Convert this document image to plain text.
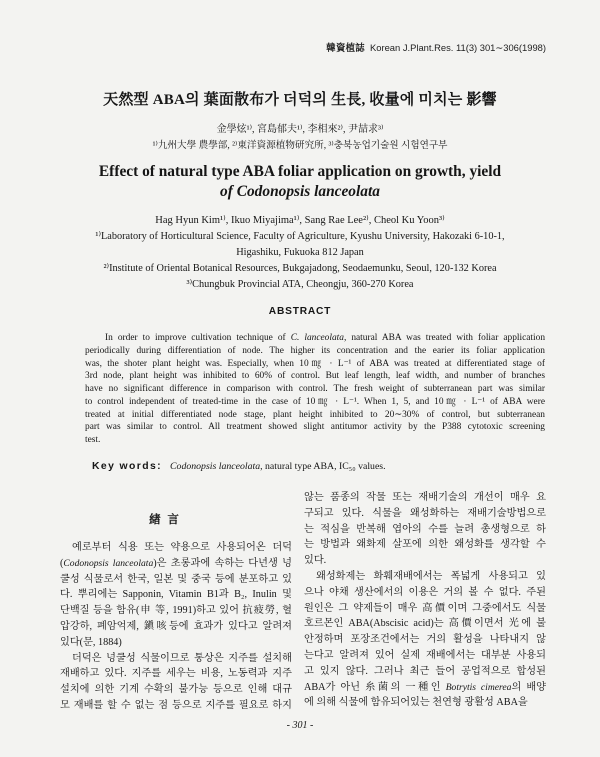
韓資植誌 Korean J.Plant.Res. 11(3) 301∼306(1998)
天然型 ABA의 葉面散布가 더덕의 生長, 收量에 미치는 影響
金學炫¹⁾, 宮島郁夫¹⁾, 李相來²⁾, 尹喆求³⁾
¹⁾九州大學 農學部, ²⁾東洋資源植物研究所, ³⁾충북농업기술원 시험연구부
Effect of natural type ABA foliar application on growth, yield
of Codonopsis lanceolata
Hag Hyun Kim¹⁾, Ikuo Miyajima¹⁾, Sang Rae Lee²⁾, Cheol Ku Yoon³⁾
¹⁾Laboratory of Horticultural Science, Faculty of Agriculture, Kyushu University, Hakozaki 6-10-1,
Higashiku, Fukuoka 812 Japan
²⁾Institute of Oriental Botanical Resources, Bukgajadong, Seodaemunku, Seoul, 120-132 Korea
³⁾Chungbuk Provincial ATA, Cheongju, 360-270 Korea
ABSTRACT
In order to improve cultivation technique of C. lanceolata, natural ABA was treated with foliar application
periodically during differentiation of node. The higher its concentration and the earier its foliar application
was, the shoter plant height was. Especially, when 10㎎ · L⁻¹ of ABA was treated at differentiated stage of
3rd node, plant height was inhibited to 60% of control. But leaf length, leaf width, and number of branches
have no significant difference in comparison with control. The fresh weight of subterranean part was similar
to control independent of treated-time in the case of 10㎎ · L⁻¹. When 1, 5, and 10㎎ · L⁻¹ of ABA were
treated at initial differentiated node stage, plant height inhibited to 20∼30% of control, but subterranean
part was similar to control. All treatment showed slight antitumor activity by the P388 cytotoxic screening
test.
$^{Key words:}$ Codonopsis lanceolata, natural type ABA, IC₅₀ values.
緖 言
예로부터 식용 또는 약용으로 사용되어온 더덕
(Codonopsis lanceolata)은 초롱과에 속하는 다년생 넝
쿨성 식물로서 한국, 일본 및 중국 등에 분포하고 있
다. 뿌리에는 Sapponin, Vitamin B1과 B₂, Inulin 및
단백질 등을 함유(申 等, 1991)하고 있어 抗疲勞, 혈
압강하, 폐암억제, 鎭咳등에 효과가 있다고 알려져
있다(문, 1884)
더덕은 넝쿨성 식물이므로 통상은 지주를 설치해
재배하고 있다. 지주를 세우는 비용, 노동력과 지주
설치에 의한 기계 수확의 불가능 등으로 인해 대규
모 재배를 할 수 없는 점 등으로 지주를 필요로 하지
않는 품종의 작물 또는 재배기술의 개선이 매우 요
구되고 있다. 식물을 왜성화하는 재배기술방법으로
는 적심을 반복해 엽아의 수를 늘려 총생형으로 하
는 방법과 왜화제 살포에 의한 왜성화를 생각할 수
있다.
왜성화제는 화훼재배에서는 폭넓게 사용되고 있
으나 야채 생산에서의 이용은 거의 볼 수 없다. 주된
원인은 그 약제들이 매우 高價이며 그중에서도 식물
호르몬인 ABA(Abscisic acid)는 高價이면서 光에 불
안정하며 포장조건에서는 거의 활성을 나타내지 않
는다고 알려져 있어 실제 재배에서는 대부분 사용되
고 있지 않다. 그러나 최근 들어 공업적으로 합성된
ABA가 아닌 糸菌의 一種인 Botrytis cimerea의 배양
에 의해 식물에 함유되어있는 천연형 광활성 ABA을
- 301 -
